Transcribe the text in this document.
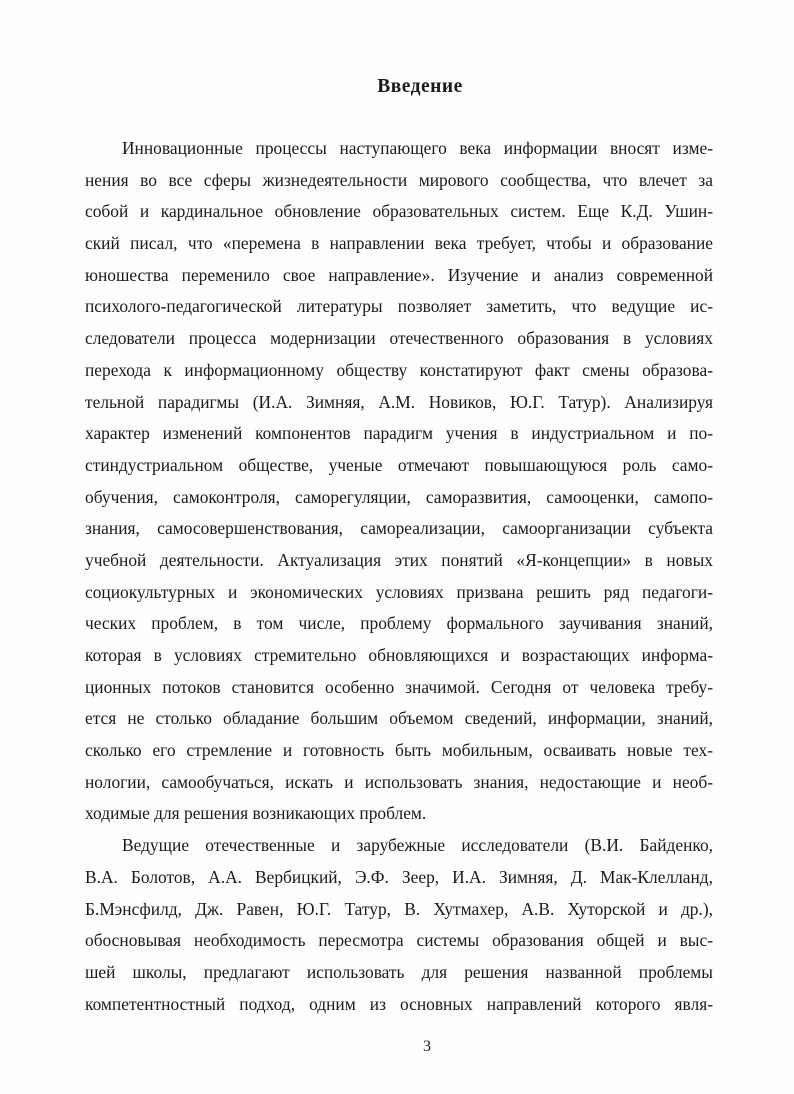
Введение
Инновационные процессы наступающего века информации вносят изме-
нения во все сферы жизнедеятельности мирового сообщества, что влечет за
собой и кардинальное обновление образовательных систем. Еще К.Д. Ушин-
ский писал, что «перемена в направлении века требует, чтобы и образование
юношества переменило свое направление». Изучение и анализ современной
психолого-педагогической литературы позволяет заметить, что ведущие ис-
следователи процесса модернизации отечественного образования в условиях
перехода к информационному обществу констатируют факт смены образова-
тельной парадигмы (И.А. Зимняя, А.М. Новиков, Ю.Г. Татур). Анализируя
характер изменений компонентов парадигм учения в индустриальном и по-
стиндустриальном обществе, ученые отмечают повышающуюся роль само-
обучения, самоконтроля, саморегуляции, саморазвития, самооценки, самопо-
знания, самосовершенствования, самореализации, самоорганизации субъекта
учебной деятельности. Актуализация этих понятий «Я-концепции» в новых
социокультурных и экономических условиях призвана решить ряд педагоги-
ческих проблем, в том числе, проблему формального заучивания знаний,
которая в условиях стремительно обновляющихся и возрастающих информа-
ционных потоков становится особенно значимой. Сегодня от человека требу-
ется не столько обладание большим объемом сведений, информации, знаний,
сколько его стремление и готовность быть мобильным, осваивать новые тех-
нологии, самообучаться, искать и использовать знания, недостающие и необ-
ходимые для решения возникающих проблем.
Ведущие отечественные и зарубежные исследователи (В.И. Байденко,
В.А. Болотов, А.А. Вербицкий, Э.Ф. Зеер, И.А. Зимняя, Д. Мак-Клелланд,
Б.Мэнсфилд, Дж. Равен, Ю.Г. Татур, В. Хутмахер, А.В. Хуторской и др.),
обосновывая необходимость пересмотра системы образования общей и выс-
шей школы, предлагают использовать для решения названной проблемы
компетентностный подход, одним из основных направлений которого явля-
3
